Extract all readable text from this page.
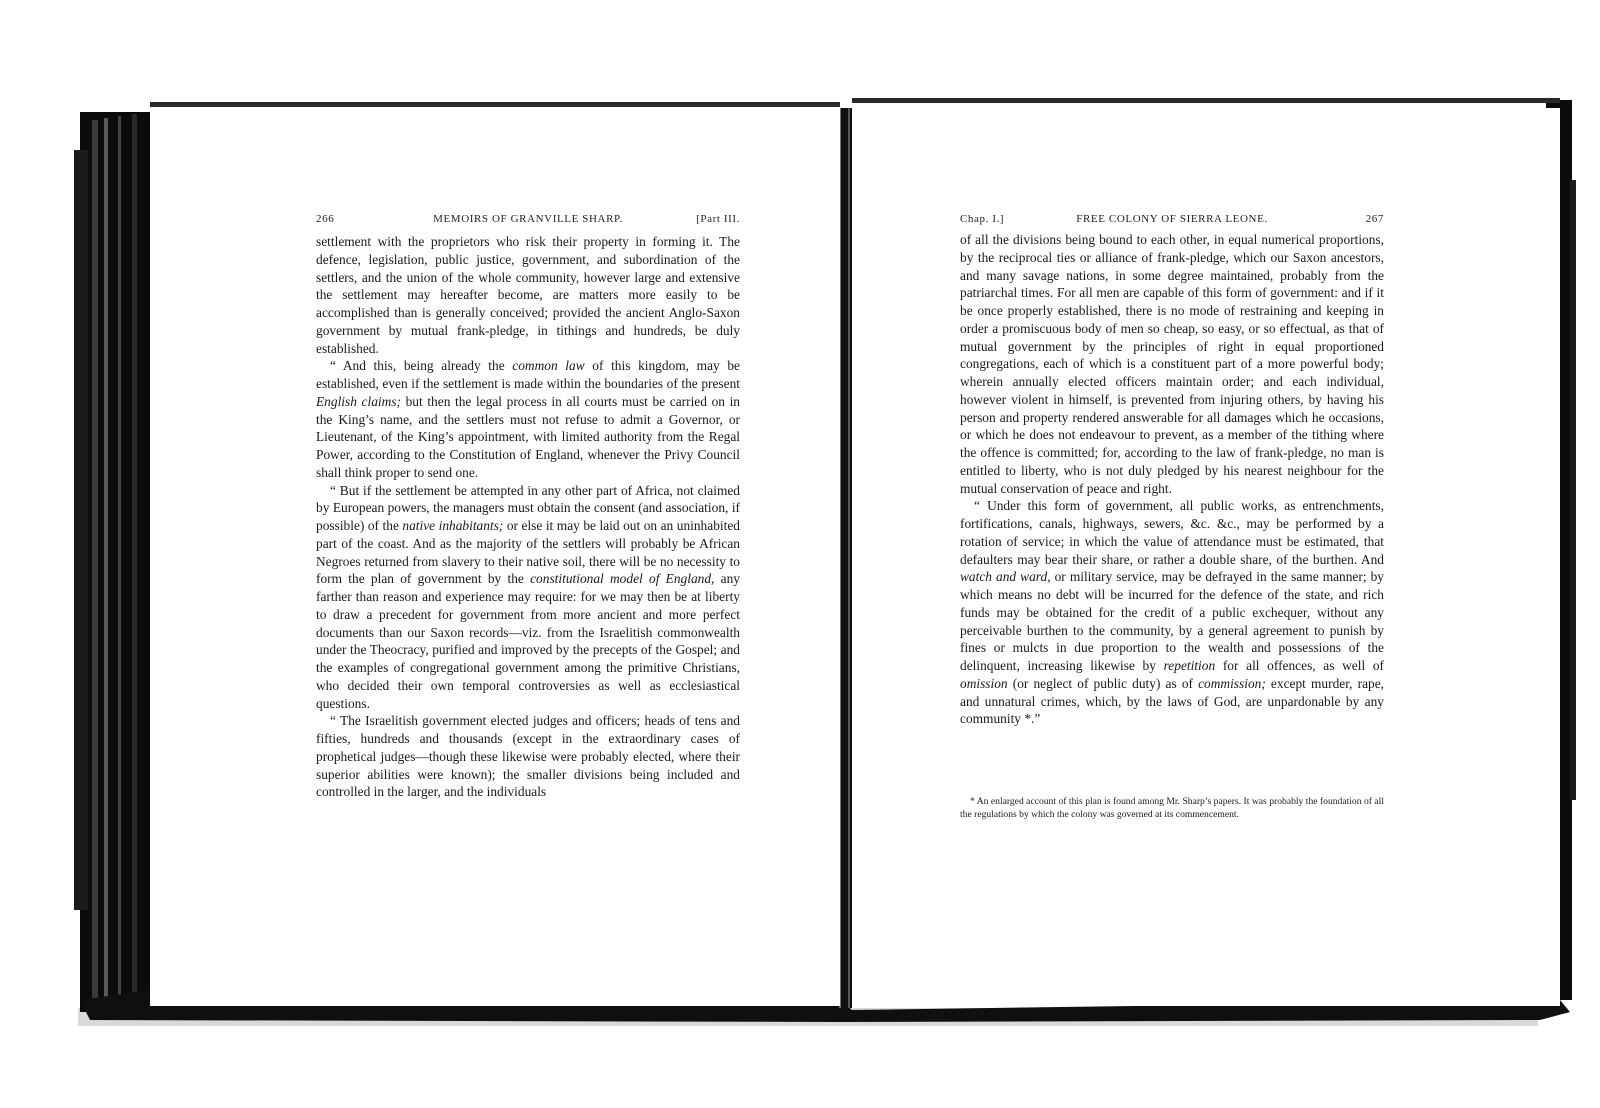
266	MEMOIRS OF GRANVILLE SHARP.	[Part III.

settlement with the proprietors who risk their property in forming it. The defence, legislation, public justice, government, and subordination of the settlers, and the union of the whole community, however large and extensive the settlement may hereafter become, are matters more easily to be accomplished than is generally conceived; provided the ancient Anglo-Saxon government by mutual frank-pledge, in tithings and hundreds, be duly established.

“ And this, being already the common law of this kingdom, may be established, even if the settlement is made within the boundaries of the present English claims; but then the legal process in all courts must be carried on in the King’s name, and the settlers must not refuse to admit a Governor, or Lieutenant, of the King’s appointment, with limited authority from the Regal Power, according to the Constitution of England, whenever the Privy Council shall think proper to send one.

“ But if the settlement be attempted in any other part of Africa, not claimed by European powers, the managers must obtain the consent (and association, if possible) of the native inhabitants; or else it may be laid out on an uninhabited part of the coast. And as the majority of the settlers will probably be African Negroes returned from slavery to their native soil, there will be no necessity to form the plan of government by the constitutional model of England, any farther than reason and experience may require: for we may then be at liberty to draw a precedent for government from more ancient and more perfect documents than our Saxon records—viz. from the Israelitish commonwealth under the Theocracy, purified and improved by the precepts of the Gospel; and the examples of congregational government among the primitive Christians, who decided their own temporal controversies as well as ecclesiastical questions.

“ The Israelitish government elected judges and officers; heads of tens and fifties, hundreds and thousands (except in the extraordinary cases of prophetical judges—though these likewise were probably elected, where their superior abilities were known); the smaller divisions being included and controlled in the larger, and the individuals

Chap. I.]	FREE COLONY OF SIERRA LEONE.	267

of all the divisions being bound to each other, in equal numerical proportions, by the reciprocal ties or alliance of frank-pledge, which our Saxon ancestors, and many savage nations, in some degree maintained, probably from the patriarchal times. For all men are capable of this form of government: and if it be once properly established, there is no mode of restraining and keeping in order a promiscuous body of men so cheap, so easy, or so effectual, as that of mutual government by the principles of right in equal proportioned congregations, each of which is a constituent part of a more powerful body; wherein annually elected officers maintain order; and each individual, however violent in himself, is prevented from injuring others, by having his person and property rendered answerable for all damages which he occasions, or which he does not endeavour to prevent, as a member of the tithing where the offence is committed; for, according to the law of frank-pledge, no man is entitled to liberty, who is not duly pledged by his nearest neighbour for the mutual conservation of peace and right.

“ Under this form of government, all public works, as entrenchments, fortifications, canals, highways, sewers, &c. &c., may be performed by a rotation of service; in which the value of attendance must be estimated, that defaulters may bear their share, or rather a double share, of the burthen. And watch and ward, or military service, may be defrayed in the same manner; by which means no debt will be incurred for the defence of the state, and rich funds may be obtained for the credit of a public exchequer, without any perceivable burthen to the community, by a general agreement to punish by fines or mulcts in due proportion to the wealth and possessions of the delinquent, increasing likewise by repetition for all offences, as well of omission (or neglect of public duty) as of commission; except murder, rape, and unnatural crimes, which, by the laws of God, are unpardonable by any community *.”

* An enlarged account of this plan is found among Mr. Sharp’s papers. It was probably the foundation of all the regulations by which the colony was governed at its commencement.
